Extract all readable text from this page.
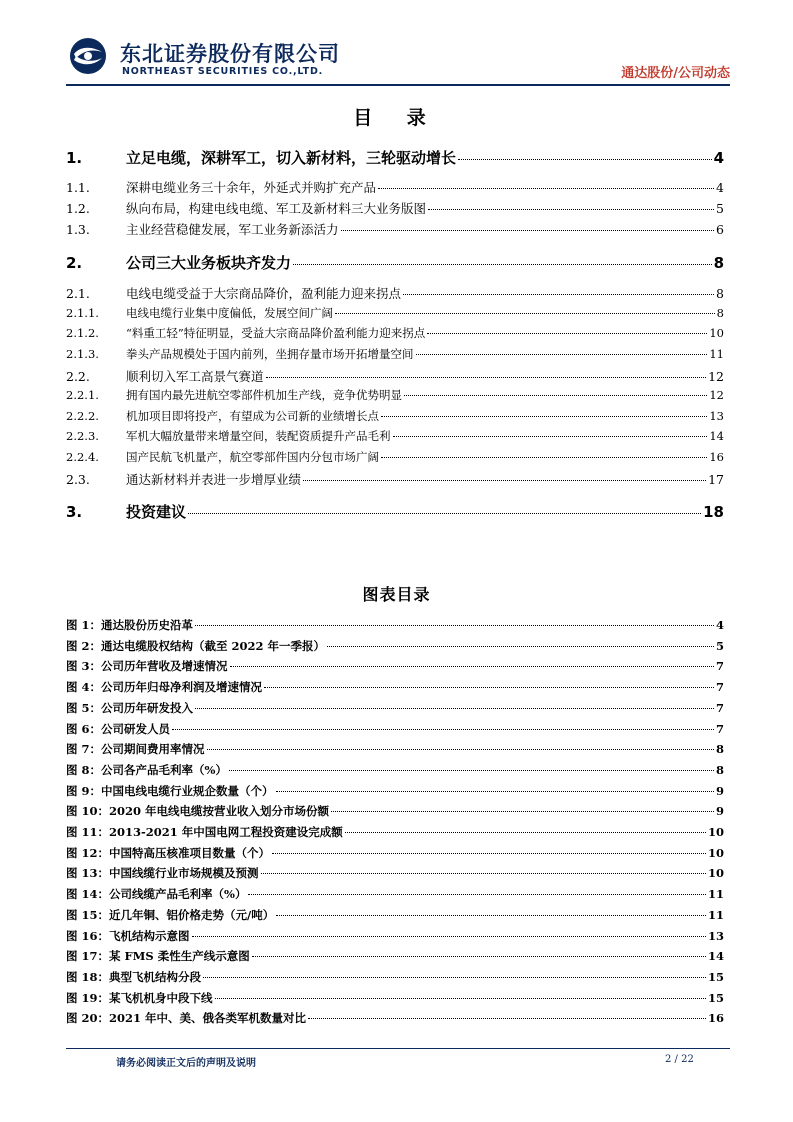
东北证券股份有限公司
NORTHEAST SECURITIES CO.,LTD.	通达股份/公司动态
目 录
1.	立足电缆，深耕军工，切入新材料，三轮驱动增长	4
1.1.	深耕电缆业务三十余年，外延式并购扩充产品	4
1.2.	纵向布局，构建电线电缆、军工及新材料三大业务版图	5
1.3.	主业经营稳健发展，军工业务新添活力	6
2.	公司三大业务板块齐发力	8
2.1.	电线电缆受益于大宗商品降价，盈利能力迎来拐点	8
2.1.1.	电线电缆行业集中度偏低，发展空间广阔	8
2.1.2.	“料重工轻”特征明显，受益大宗商品降价盈利能力迎来拐点	10
2.1.3.	拳头产品规模处于国内前列，坐拥存量市场开拓增量空间	11
2.2.	顺利切入军工高景气赛道	12
2.2.1.	拥有国内最先进航空零部件机加生产线，竞争优势明显	12
2.2.2.	机加项目即将投产，有望成为公司新的业绩增长点	13
2.2.3.	军机大幅放量带来增量空间，装配资质提升产品毛利	14
2.2.4.	国产民航飞机量产，航空零部件国内分包市场广阔	16
2.3.	通达新材料并表进一步增厚业绩	17
3.	投资建议	18
图表目录
图 1： 通达股份历史沿革	4
图 2： 通达电缆股权结构（截至 2022 年一季报）	5
图 3： 公司历年营收及增速情况	7
图 4： 公司历年归母净利润及增速情况	7
图 5： 公司历年研发投入	7
图 6： 公司研发人员	7
图 7： 公司期间费用率情况	8
图 8： 公司各产品毛利率（%）	8
图 9： 中国电线电缆行业规企数量（个）	9
图 10： 2020 年电线电缆按营业收入划分市场份额	9
图 11： 2013-2021 年中国电网工程投资建设完成额	10
图 12： 中国特高压核准项目数量（个）	10
图 13： 中国线缆行业市场规模及预测	10
图 14： 公司线缆产品毛利率（%）	11
图 15： 近几年铜、铝价格走势（元/吨）	11
图 16： 飞机结构示意图	13
图 17： 某 FMS 柔性生产线示意图	14
图 18： 典型飞机结构分段	15
图 19： 某飞机机身中段下线	15
图 20： 2021 年中、美、俄各类军机数量对比	16
请务必阅读正文后的声明及说明	2 / 22
